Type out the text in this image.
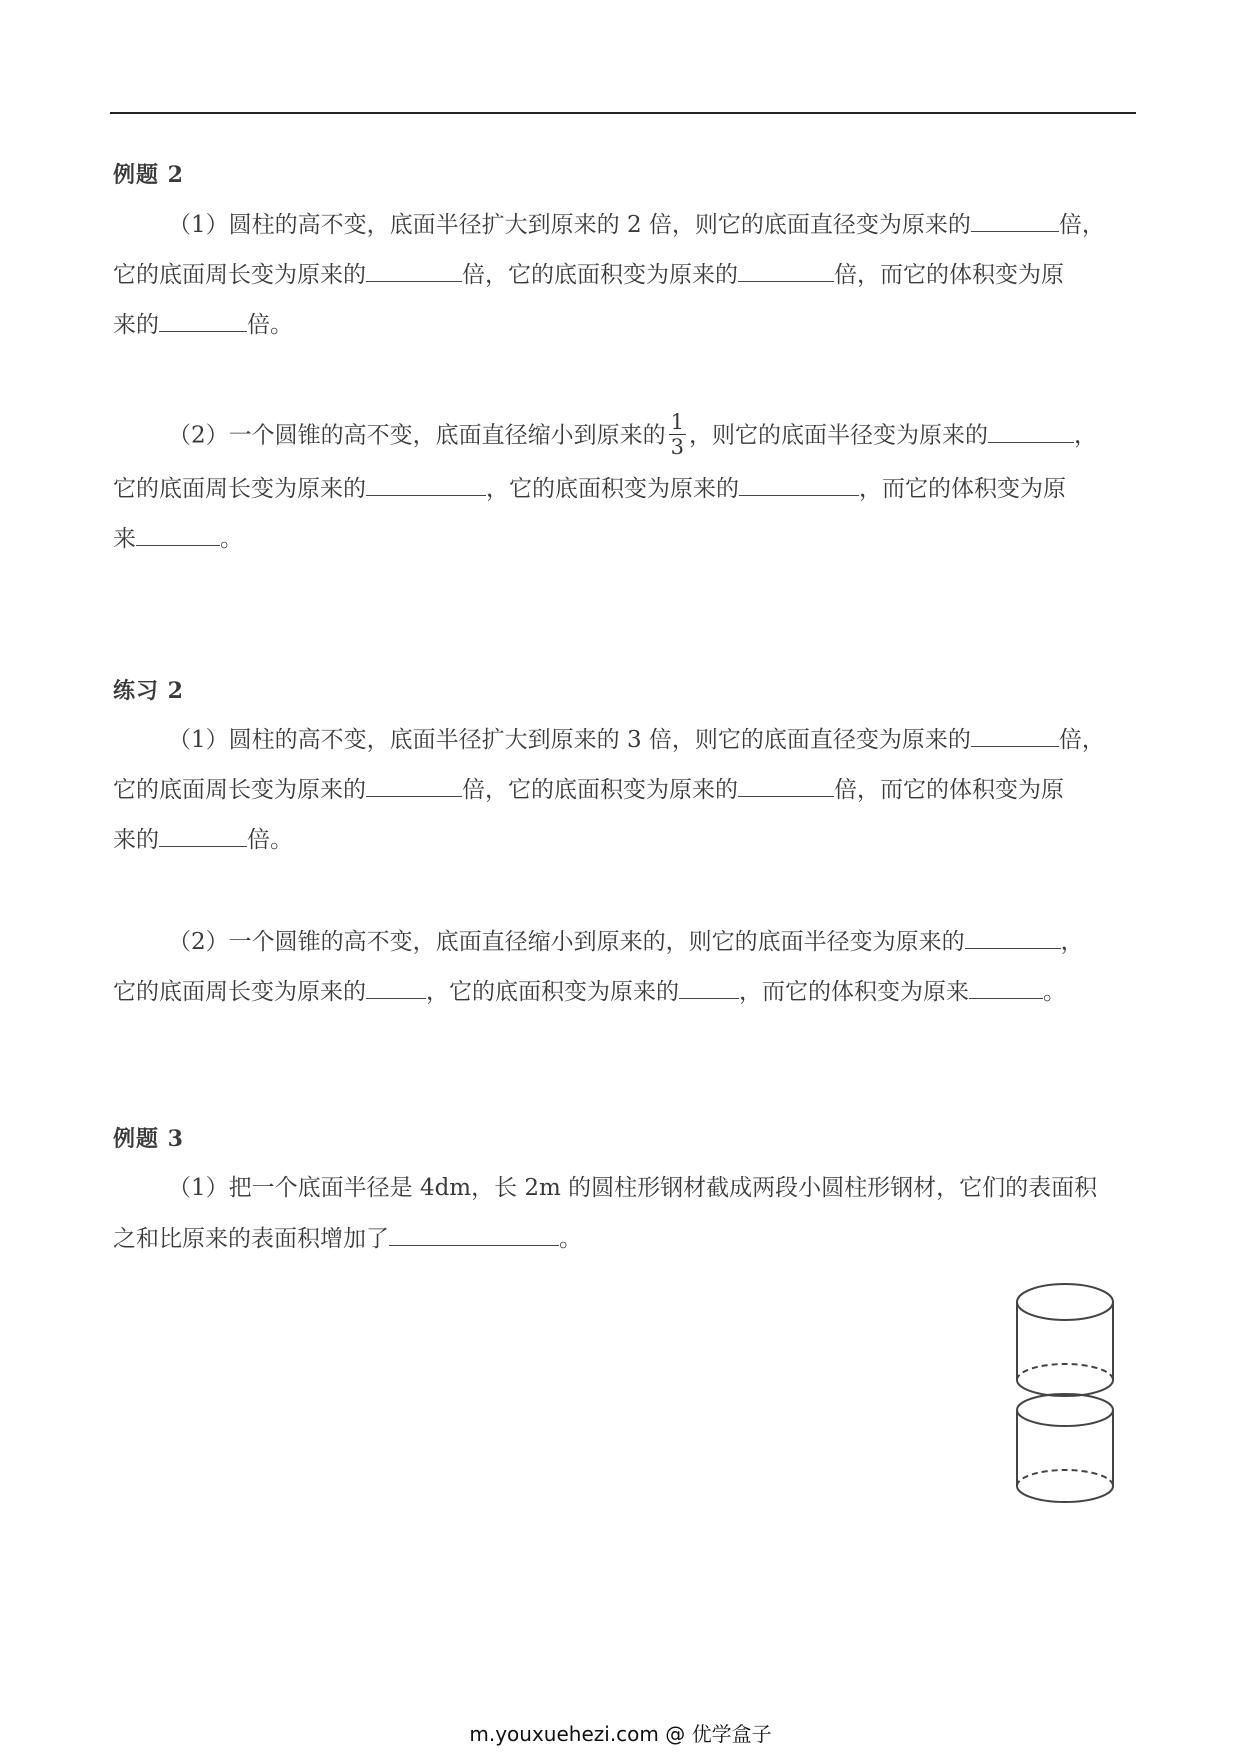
例题 2
（1）圆柱的高不变，底面半径扩大到原来的 2 倍，则它的底面直径变为原来的	倍，
它的底面周长变为原来的	倍，它的底面积变为原来的	倍，而它的体积变为原
来的	倍。
（2）一个圆锥的高不变，底面直径缩小到原来的 $\frac{1}{3}$ ，则它的底面半径变为原来的	，
它的底面周长变为原来的	，它的底面积变为原来的	，而它的体积变为原
来	。
练习 2
（1）圆柱的高不变，底面半径扩大到原来的 3 倍，则它的底面直径变为原来的	倍，
它的底面周长变为原来的	倍，它的底面积变为原来的	倍，而它的体积变为原
来的	倍。
（2）一个圆锥的高不变，底面直径缩小到原来的，则它的底面半径变为原来的	，
它的底面周长变为原来的	，它的底面积变为原来的	，而它的体积变为原来	。
例题 3
（1）把一个底面半径是 4dm，长 2m 的圆柱形钢材截成两段小圆柱形钢材，它们的表面积
之和比原来的表面积增加了	。
m.youxuehezi.com @ 优学盒子
